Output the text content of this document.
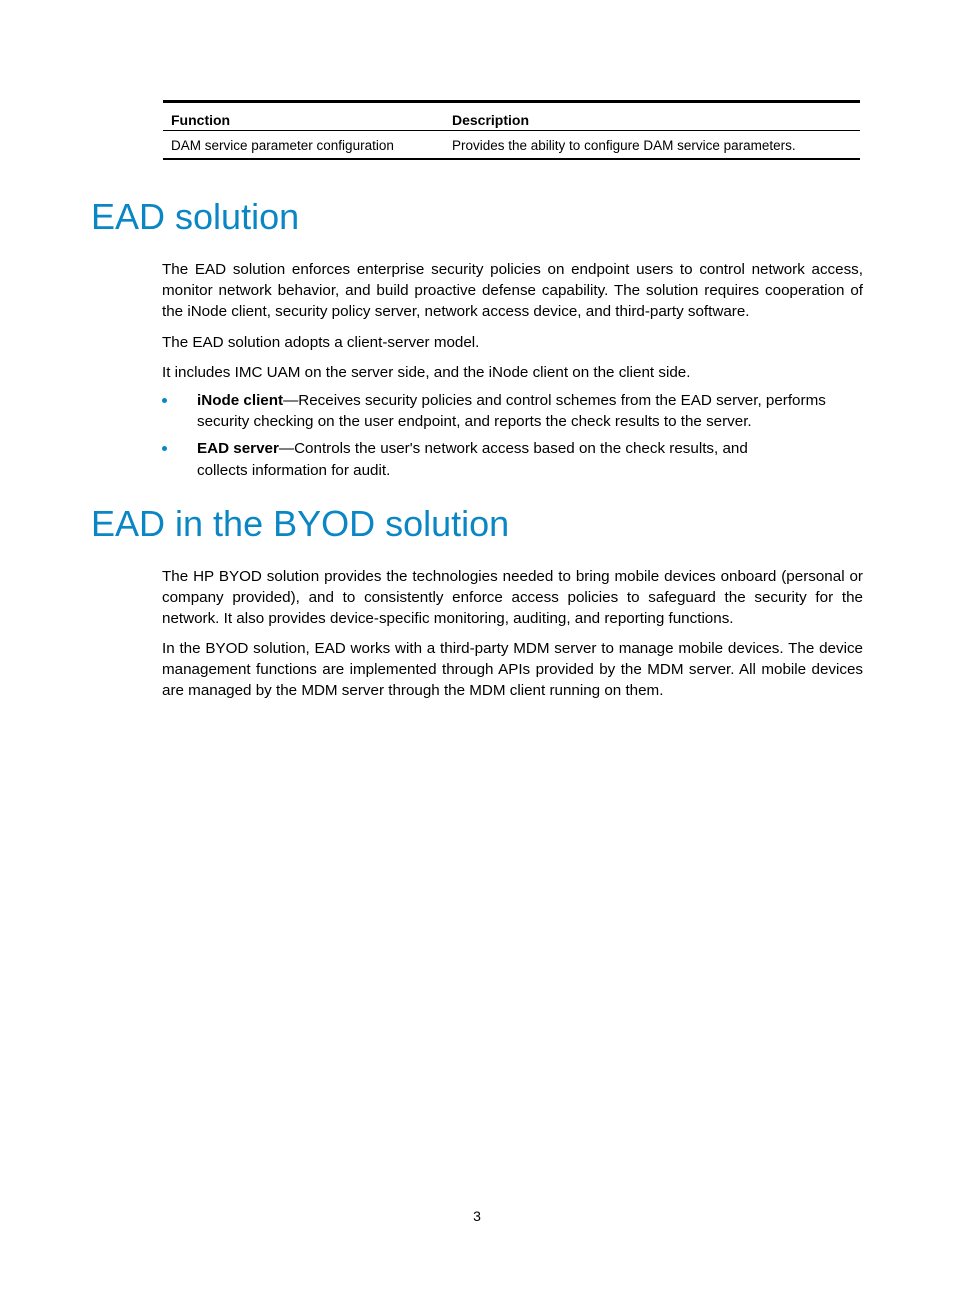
Function	Description
DAM service parameter configuration	Provides the ability to configure DAM service parameters.
EAD solution

The EAD solution enforces enterprise security policies on endpoint users to control network access, monitor network behavior, and build proactive defense capability. The solution requires cooperation of the iNode client, security policy server, network access device, and third-party software.

The EAD solution adopts a client-server model.

It includes IMC UAM on the server side, and the iNode client on the client side.

iNode client—Receives security policies and control schemes from the EAD server, performs security checking on the user endpoint, and reports the check results to the server.
EAD server—Controls the user's network access based on the check results, and collects information for audit.
EAD in the BYOD solution

The HP BYOD solution provides the technologies needed to bring mobile devices onboard (personal or company provided), and to consistently enforce access policies to safeguard the security for the network. It also provides device-specific monitoring, auditing, and reporting functions.

In the BYOD solution, EAD works with a third-party MDM server to manage mobile devices. The device management functions are implemented through APIs provided by the MDM server. All mobile devices are managed by the MDM server through the MDM client running on them.

3
